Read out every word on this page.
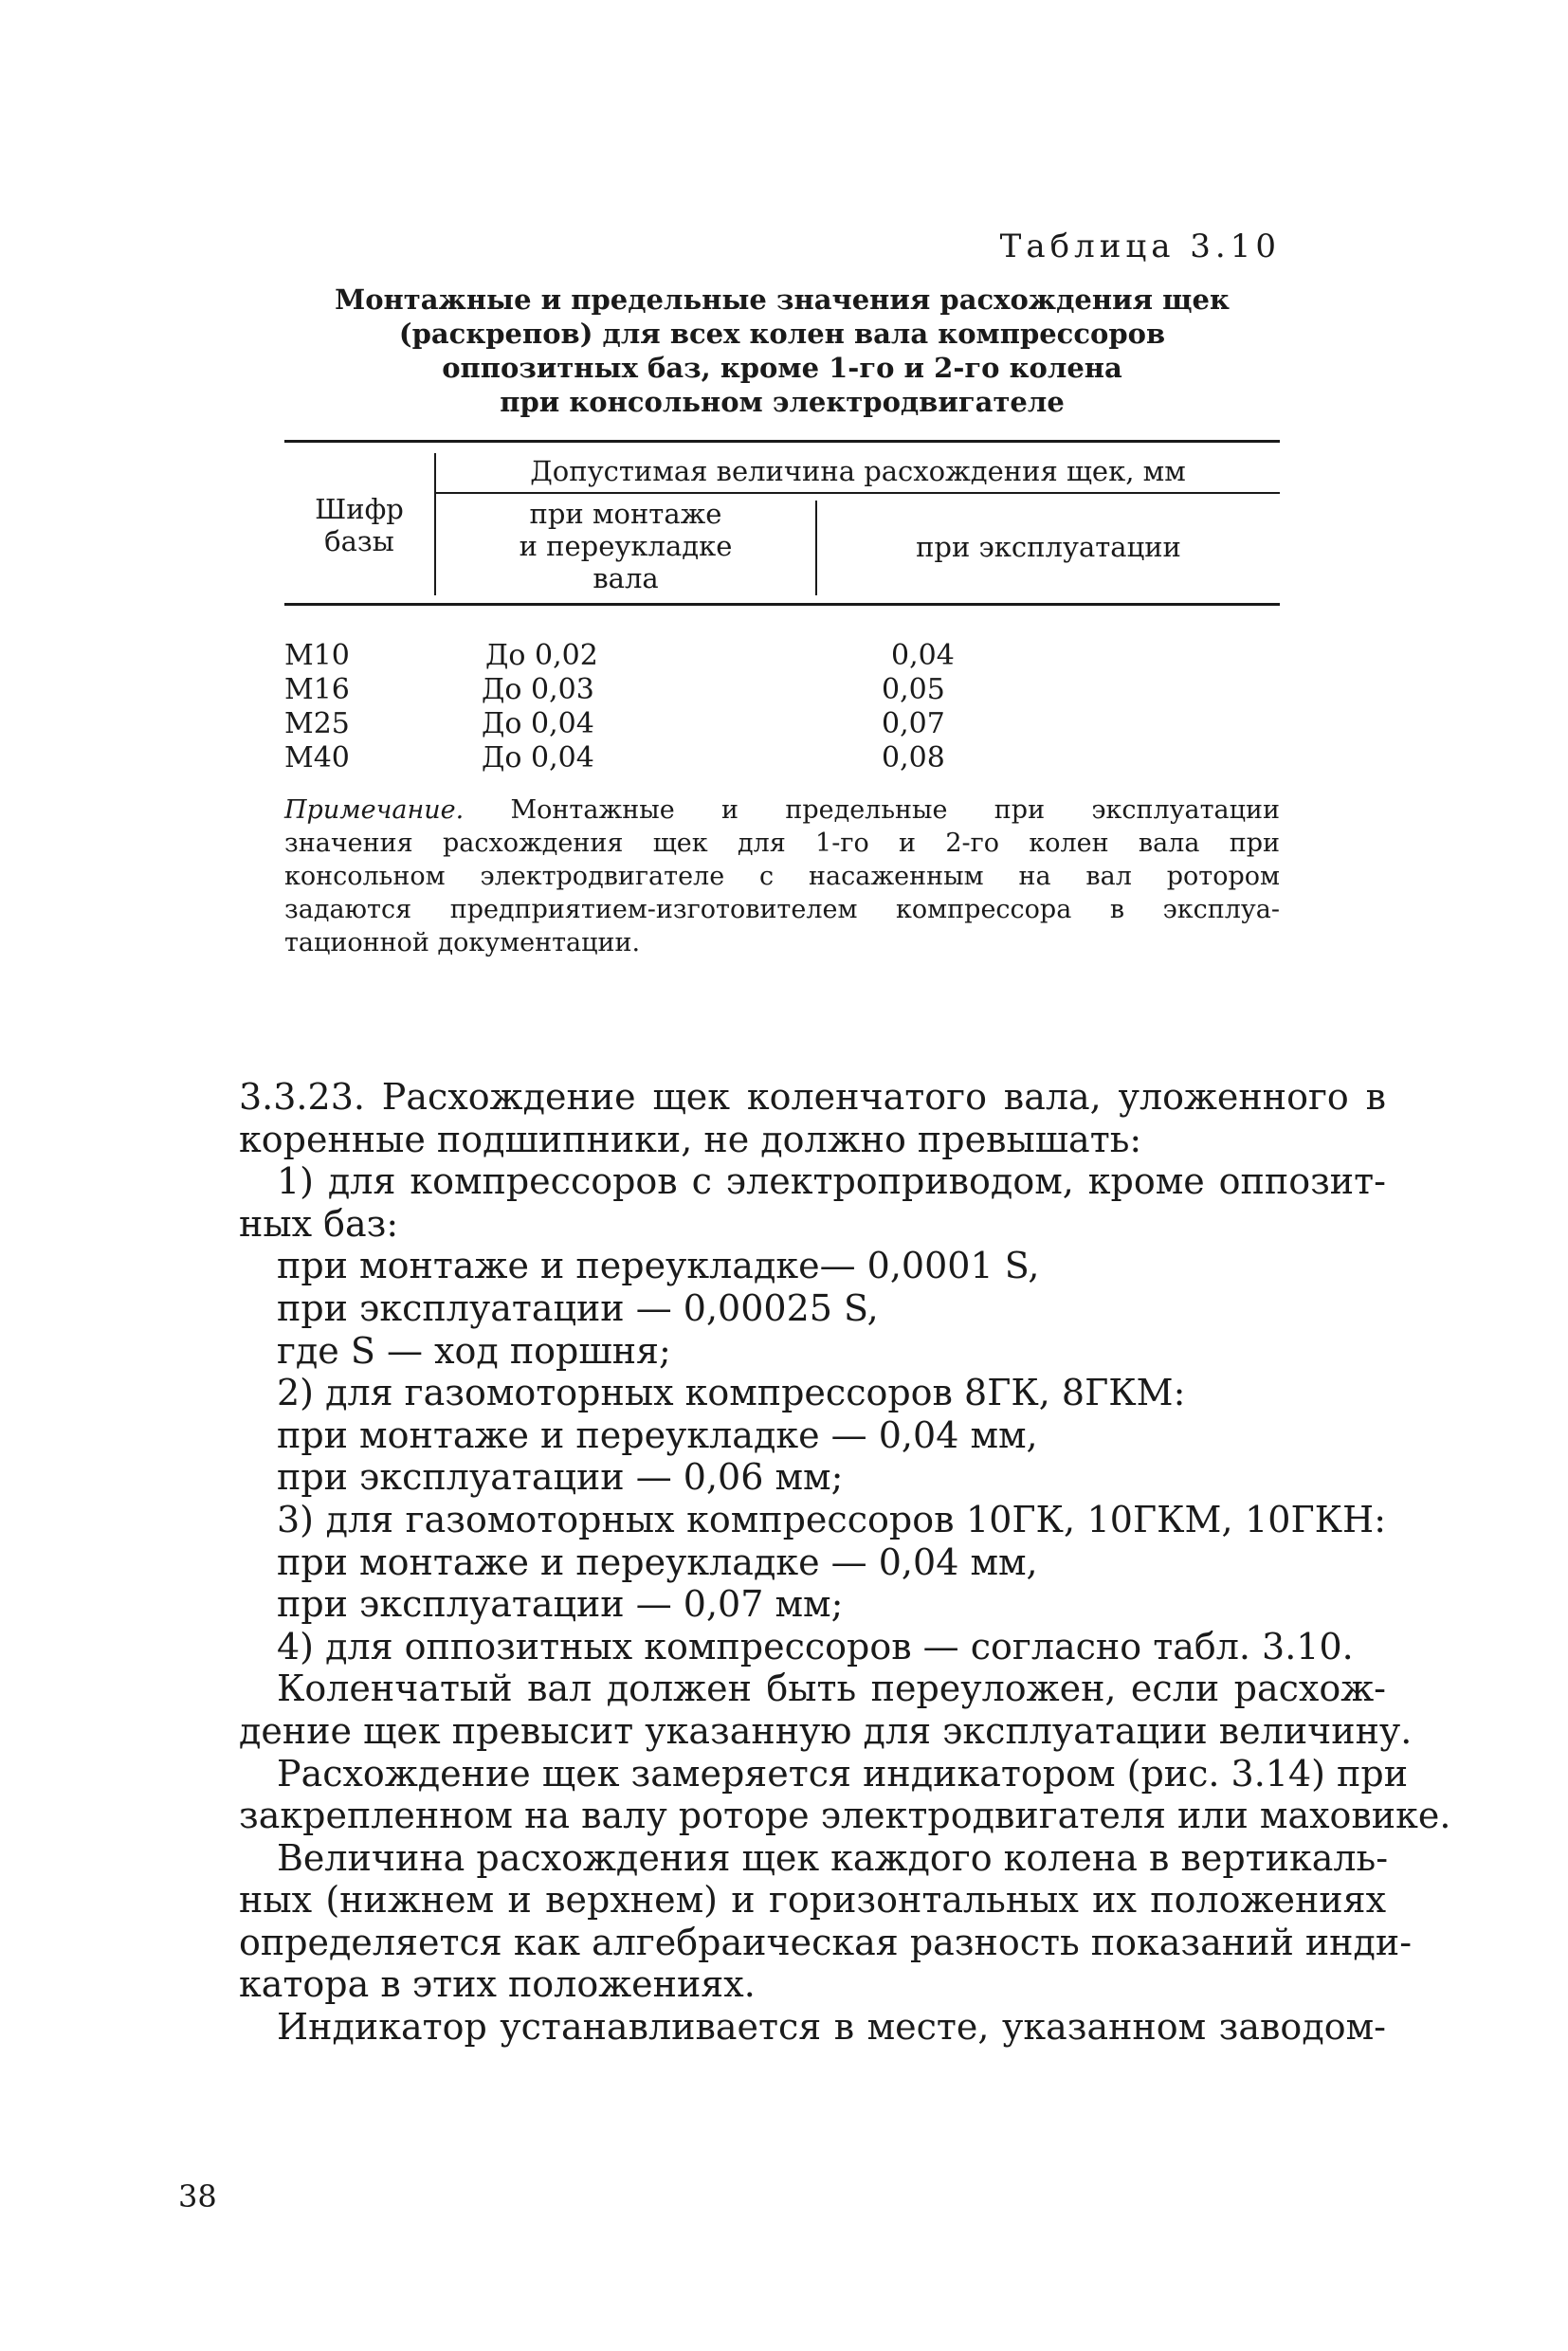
Таблица 3.10
Монтажные и предельные значения расхождения щек
(раскрепов) для всех колен вала компрессоров
оппозитных баз, кроме 1-го и 2-го колена
при консольном электродвигателе
Шифр
базы
Допустимая величина расхождения щек, мм
при монтаже
и переукладке
вала
при эксплуатации
М10	До 0,02	0,04
М16	До 0,03	0,05
М25	До 0,04	0,07
М40	До 0,04	0,08
Примечание. Монтажные и предельные при эксплуатации
значения расхождения щек для 1-го и 2-го колен вала при
консольном электродвигателе с насаженным на вал ротором
задаются предприятием-изготовителем компрессора в эксплуа-
тационной документации.
3.3.23. Расхождение щек коленчатого вала, уложенного в
коренные подшипники, не должно превышать:
1) для компрессоров с электроприводом, кроме оппозит-
ных баз:
при монтаже и переукладке— 0,0001 S,
при эксплуатации — 0,00025 S,
где S — ход поршня;
2) для газомоторных компрессоров 8ГК, 8ГКМ:
при монтаже и переукладке — 0,04 мм,
при эксплуатации — 0,06 мм;
3) для газомоторных компрессоров 10ГК, 10ГКМ, 10ГКН:
при монтаже и переукладке — 0,04 мм,
при эксплуатации — 0,07 мм;
4) для оппозитных компрессоров — согласно табл. 3.10.
Коленчатый вал должен быть переуложен, если расхож-
дение щек превысит указанную для эксплуатации величину.
Расхождение щек замеряется индикатором (рис. 3.14) при
закрепленном на валу роторе электродвигателя или маховике.
Величина расхождения щек каждого колена в вертикаль-
ных (нижнем и верхнем) и горизонтальных их положениях
определяется как алгебраическая разность показаний инди-
катора в этих положениях.
Индикатор устанавливается в месте, указанном заводом-
38
